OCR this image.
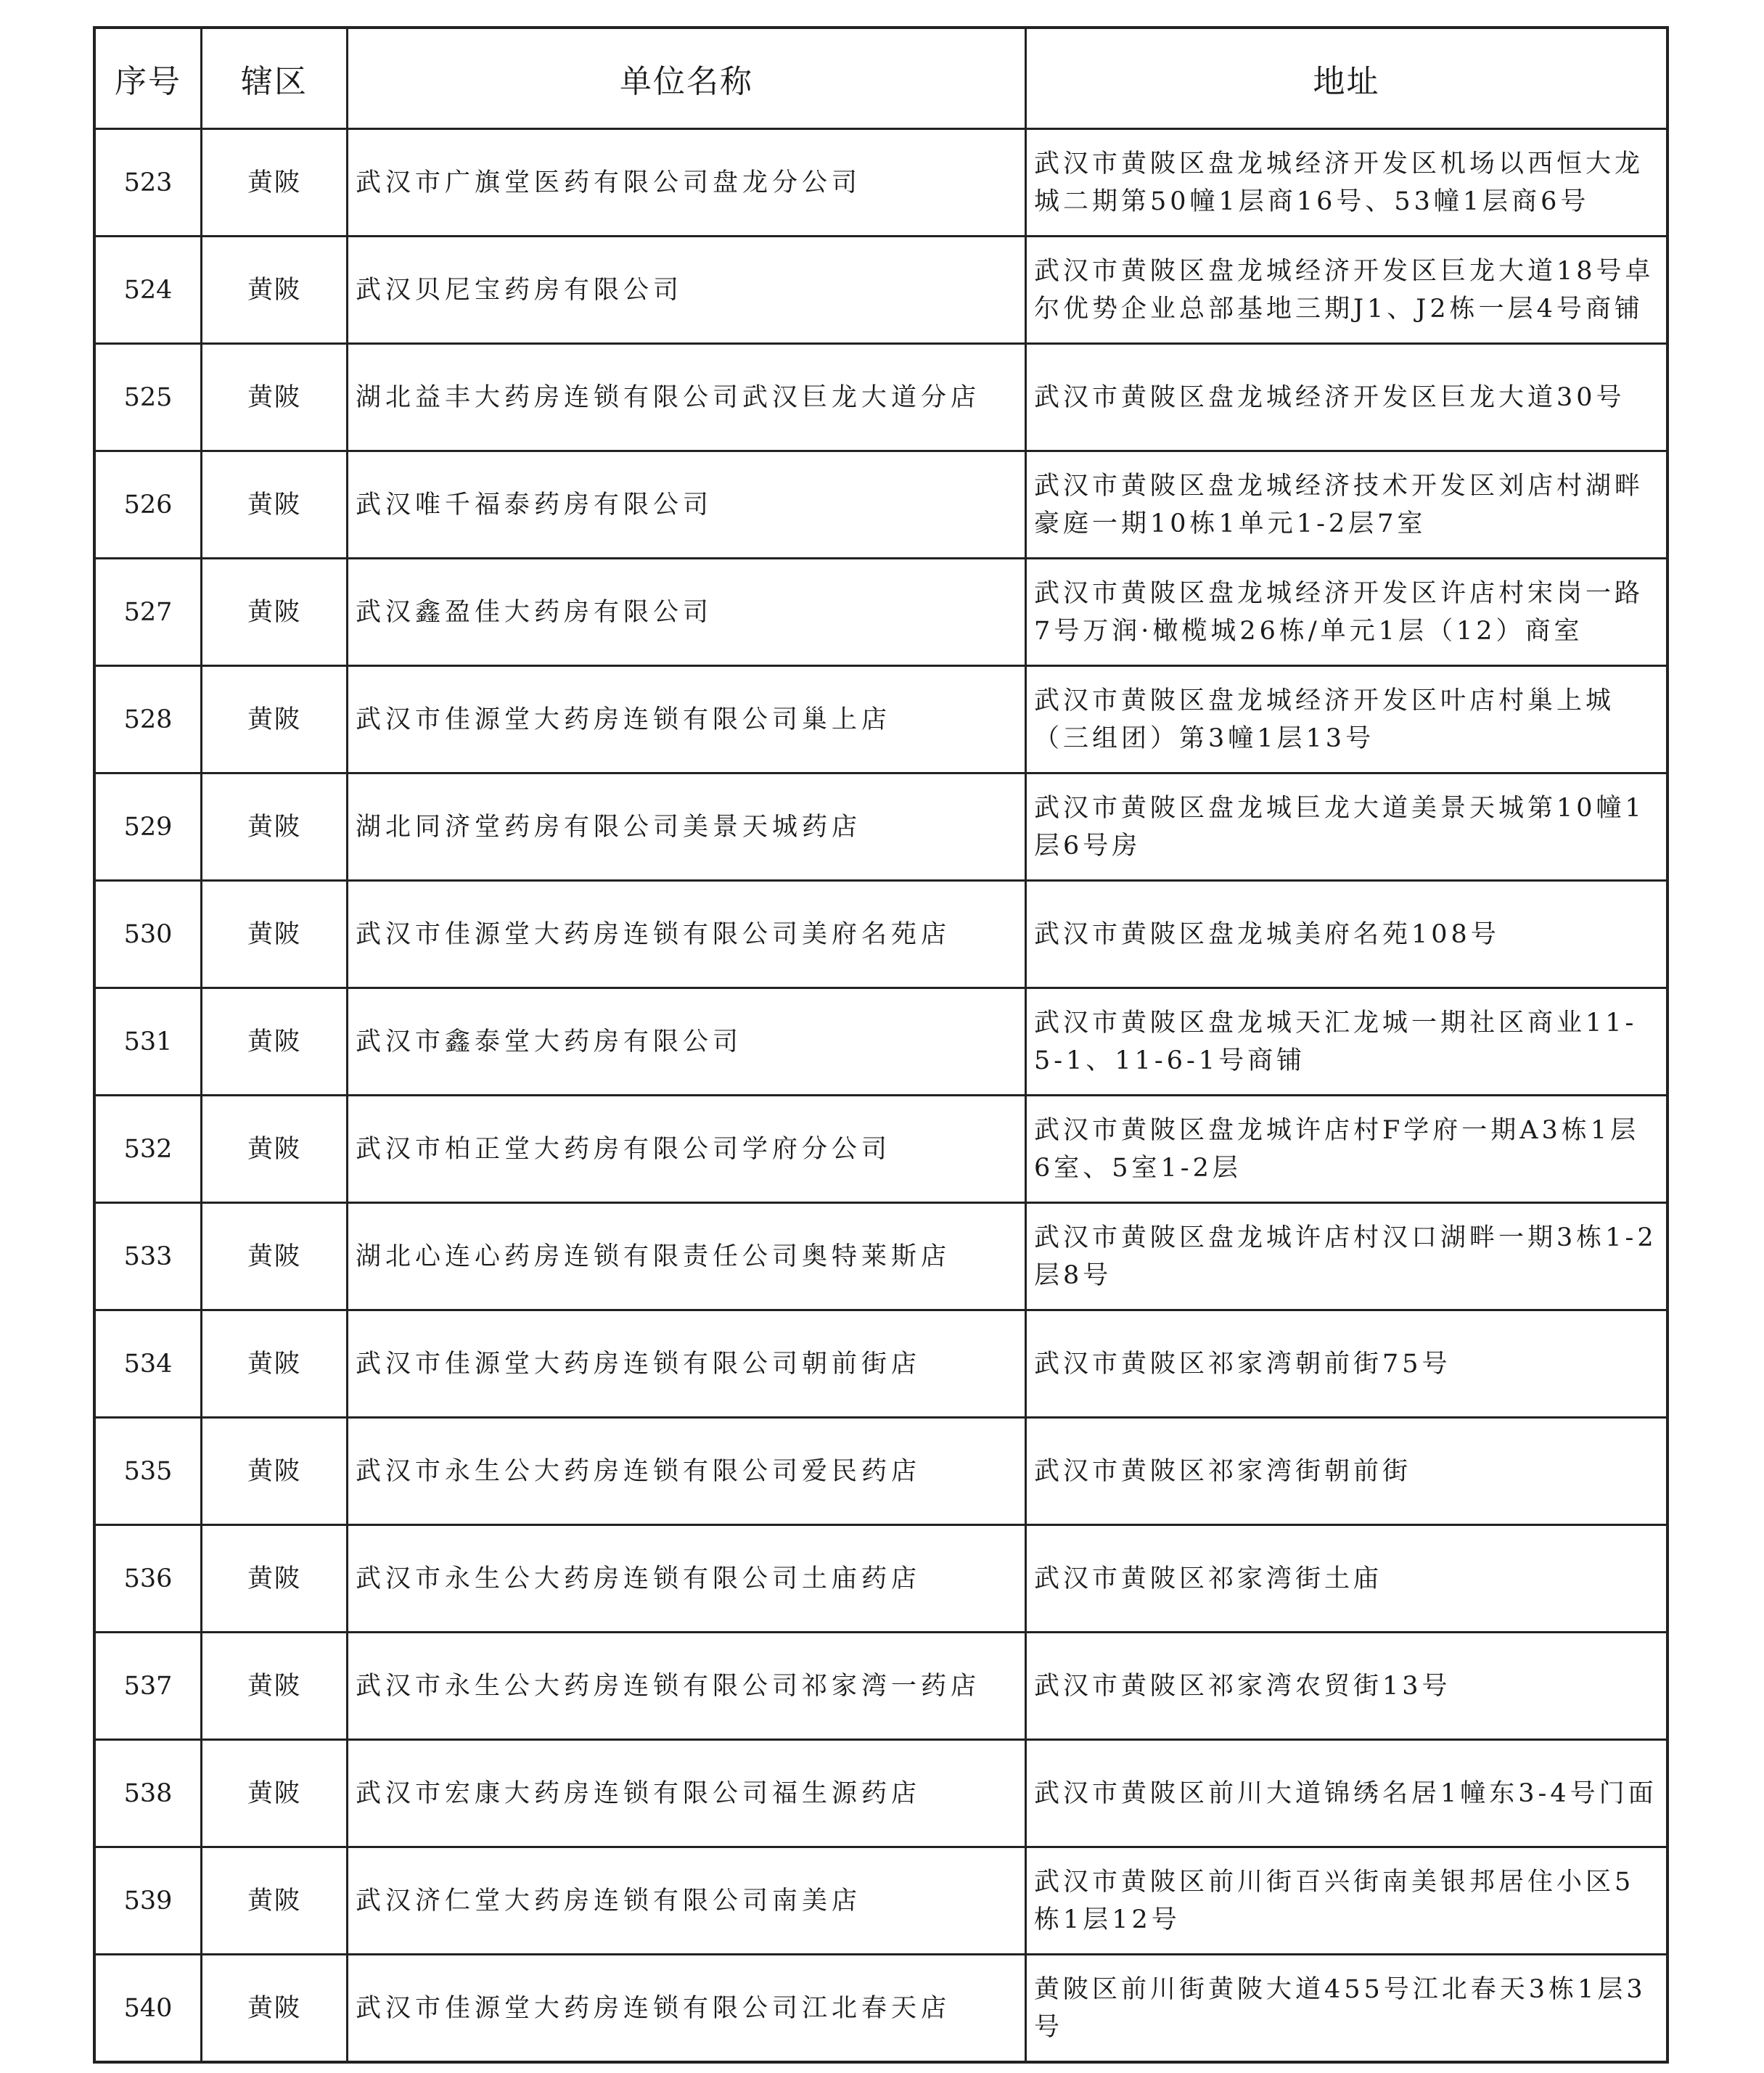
序号	辖区	单位名称	地址
523	黄陂	武汉市广旗堂医药有限公司盘龙分公司	武汉市黄陂区盘龙城经济开发区机场以西恒大龙城二期第50幢1层商16号、53幢1层商6号
524	黄陂	武汉贝尼宝药房有限公司	武汉市黄陂区盘龙城经济开发区巨龙大道18号卓尔优势企业总部基地三期J1、J2栋一层4号商铺
525	黄陂	湖北益丰大药房连锁有限公司武汉巨龙大道分店	武汉市黄陂区盘龙城经济开发区巨龙大道30号
526	黄陂	武汉唯千福泰药房有限公司	武汉市黄陂区盘龙城经济技术开发区刘店村湖畔豪庭一期10栋1单元1-2层7室
527	黄陂	武汉鑫盈佳大药房有限公司	武汉市黄陂区盘龙城经济开发区许店村宋岗一路7号万润·橄榄城26栋/单元1层（12）商室
528	黄陂	武汉市佳源堂大药房连锁有限公司巢上店	武汉市黄陂区盘龙城经济开发区叶店村巢上城（三组团）第3幢1层13号
529	黄陂	湖北同济堂药房有限公司美景天城药店	武汉市黄陂区盘龙城巨龙大道美景天城第10幢1层6号房
530	黄陂	武汉市佳源堂大药房连锁有限公司美府名苑店	武汉市黄陂区盘龙城美府名苑108号
531	黄陂	武汉市鑫泰堂大药房有限公司	武汉市黄陂区盘龙城天汇龙城一期社区商业11-5-1、11-6-1号商铺
532	黄陂	武汉市柏正堂大药房有限公司学府分公司	武汉市黄陂区盘龙城许店村F学府一期A3栋1层6室、5室1-2层
533	黄陂	湖北心连心药房连锁有限责任公司奥特莱斯店	武汉市黄陂区盘龙城许店村汉口湖畔一期3栋1-2层8号
534	黄陂	武汉市佳源堂大药房连锁有限公司朝前街店	武汉市黄陂区祁家湾朝前街75号
535	黄陂	武汉市永生公大药房连锁有限公司爱民药店	武汉市黄陂区祁家湾街朝前街
536	黄陂	武汉市永生公大药房连锁有限公司土庙药店	武汉市黄陂区祁家湾街土庙
537	黄陂	武汉市永生公大药房连锁有限公司祁家湾一药店	武汉市黄陂区祁家湾农贸街13号
538	黄陂	武汉市宏康大药房连锁有限公司福生源药店	武汉市黄陂区前川大道锦绣名居1幢东3-4号门面
539	黄陂	武汉济仁堂大药房连锁有限公司南美店	武汉市黄陂区前川街百兴街南美银邦居住小区5栋1层12号
540	黄陂	武汉市佳源堂大药房连锁有限公司江北春天店	黄陂区前川街黄陂大道455号江北春天3栋1层3号
